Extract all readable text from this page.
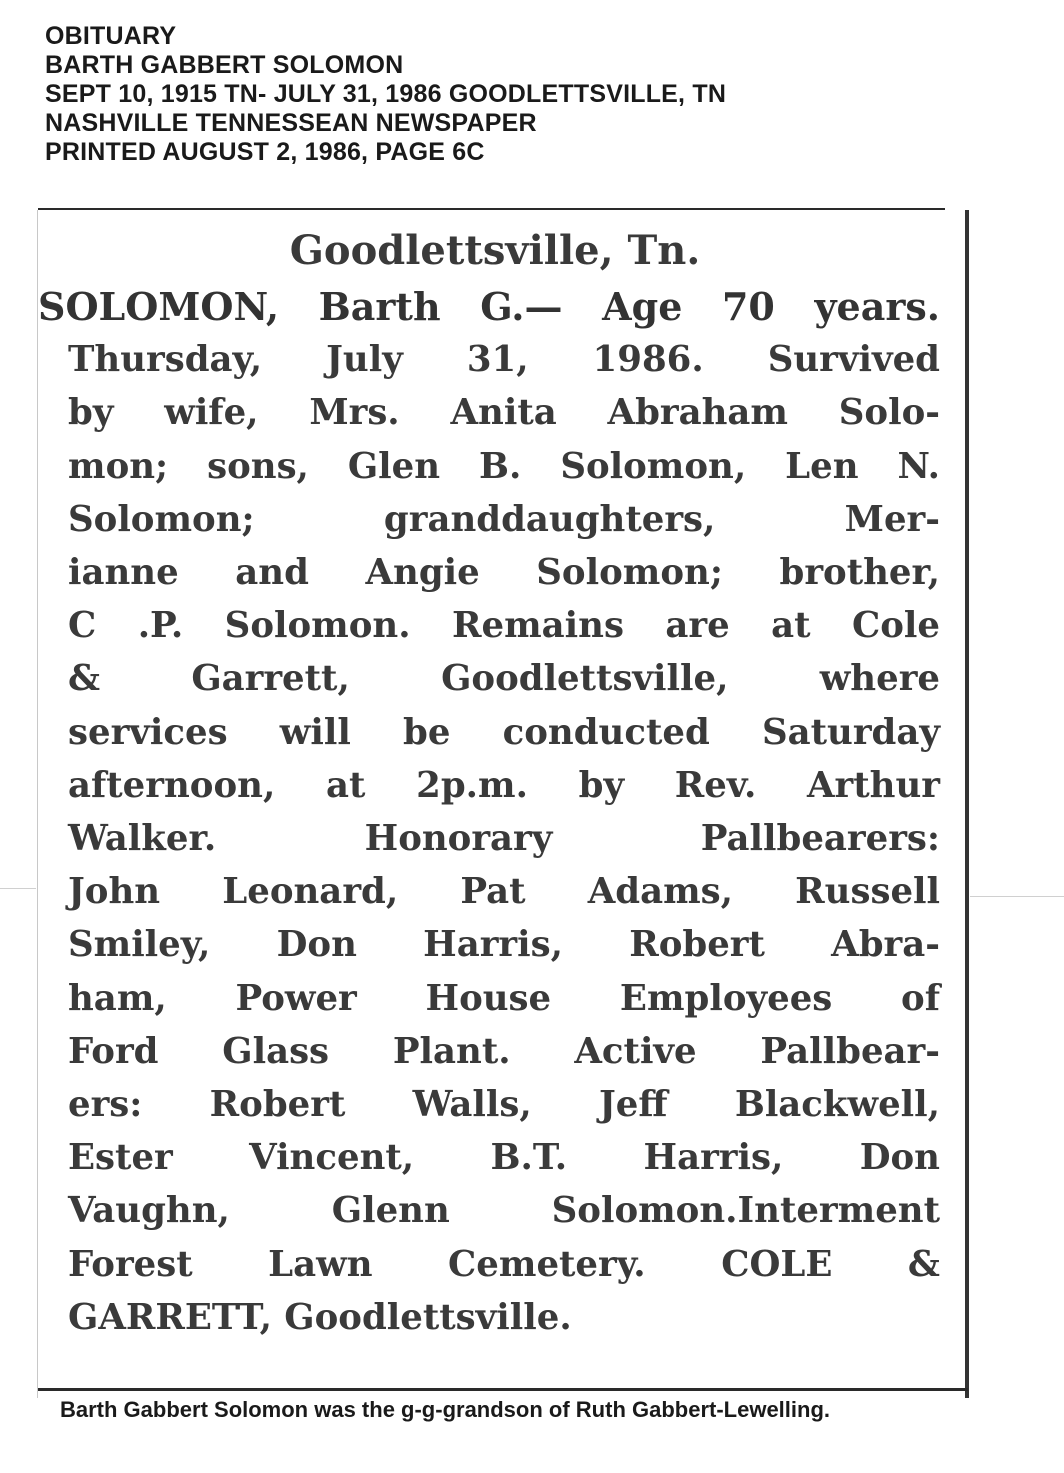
OBITUARY
BARTH GABBERT SOLOMON
SEPT 10, 1915 TN- JULY 31, 1986 GOODLETTSVILLE, TN
NASHVILLE TENNESSEAN NEWSPAPER
PRINTED AUGUST 2, 1986, PAGE 6C
Goodlettsville, Tn.
SOLOMON, Barth G.— Age 70 years.
Thursday, July 31, 1986. Survived
by wife, Mrs. Anita Abraham Solo-
mon; sons, Glen B. Solomon, Len N.
Solomon; granddaughters, Mer-
ianne and Angie Solomon; brother,
C .P. Solomon. Remains are at Cole
& Garrett, Goodlettsville, where
services will be conducted Saturday
afternoon, at 2p.m. by Rev. Arthur
Walker. Honorary Pallbearers:
John Leonard, Pat Adams, Russell
Smiley, Don Harris, Robert Abra-
ham, Power House Employees of
Ford Glass Plant. Active Pallbear-
ers: Robert Walls, Jeff Blackwell,
Ester Vincent, B.T. Harris, Don
Vaughn, Glenn Solomon.Interment
Forest Lawn Cemetery. COLE &
GARRETT, Goodlettsville.
Barth Gabbert Solomon was the g-g-grandson of Ruth Gabbert-Lewelling.
